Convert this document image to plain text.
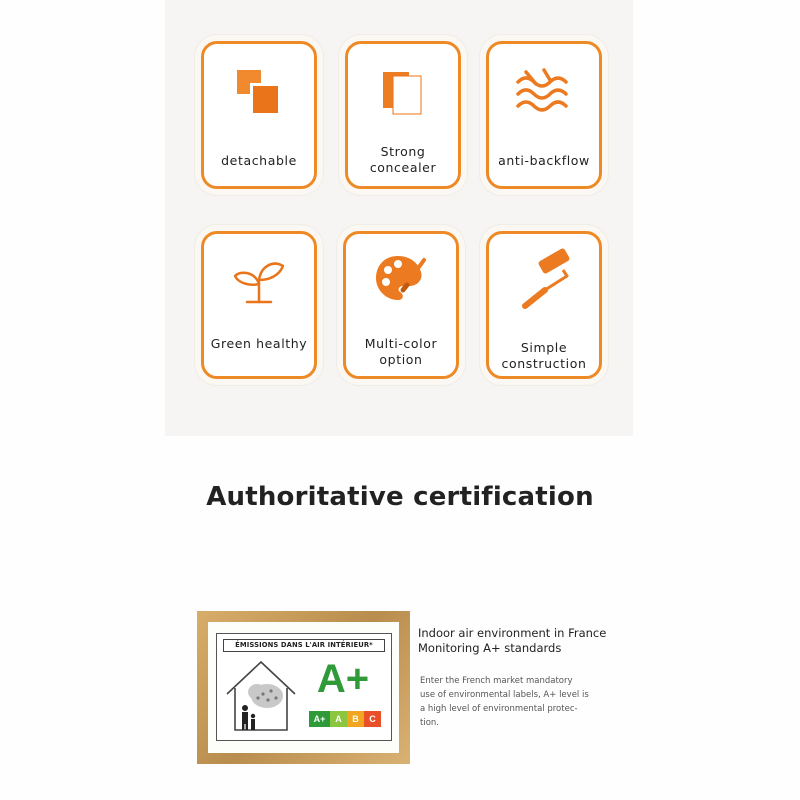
detachable
Strong
concealer	anti-backflow
Green healthy	Multi-color
option
Simple
construction
Authoritative certification
ÉMISSIONS DANS L'AIR INTÉRIEUR*
A+
A+	A	B	C
Indoor air environment in France
Monitoring A+ standards
Enter the French market mandatory
use of environmental labels, A+ level is
a high level of environmental protec-
tion.
